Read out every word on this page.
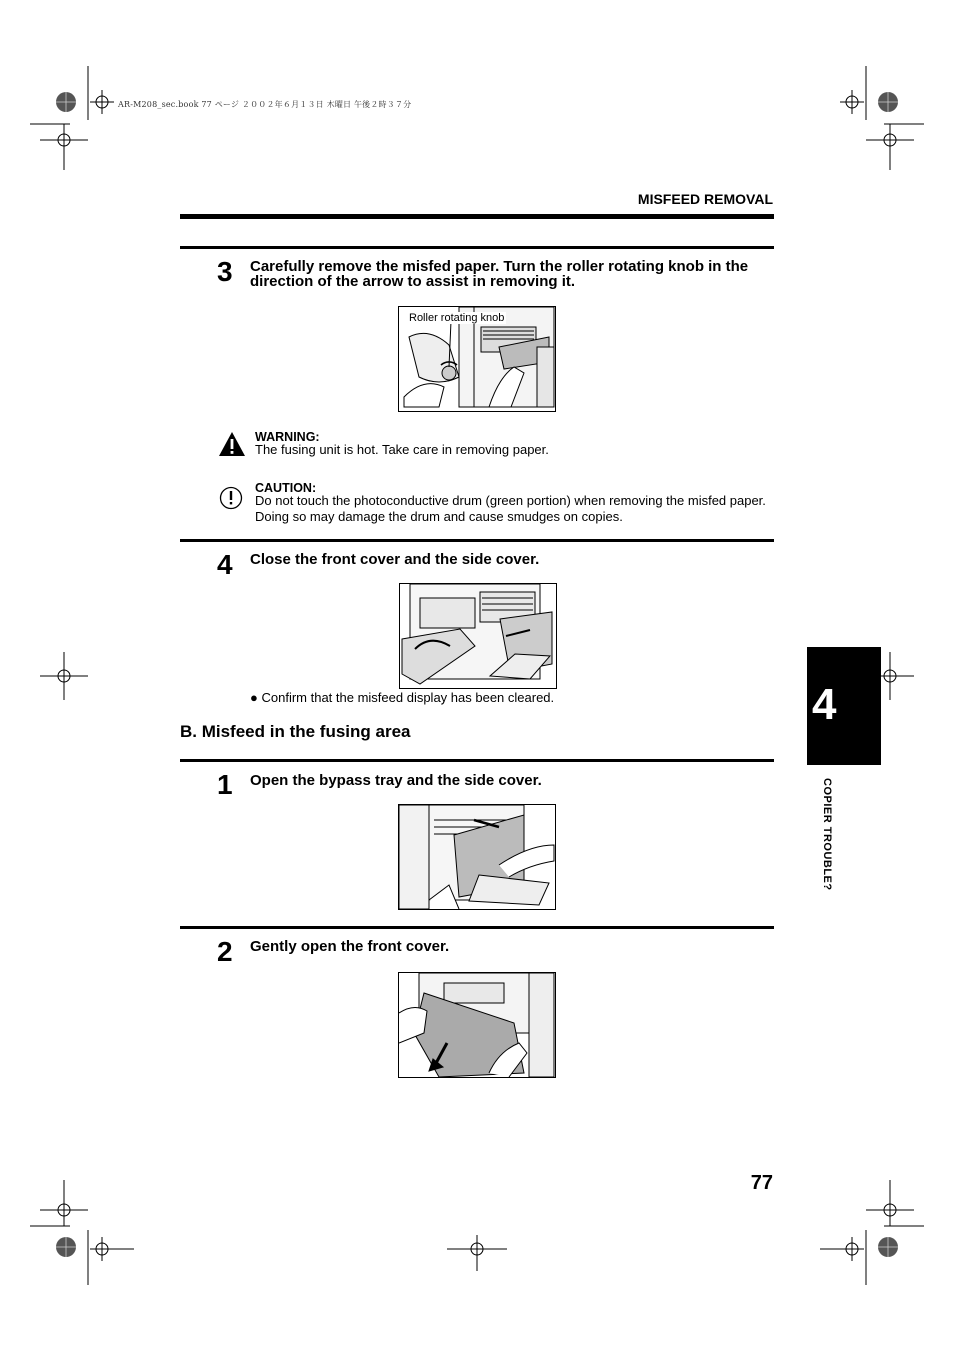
AR-M208_sec.book 77 ページ ２００２年６月１３日 木曜日 午後２時３７分
MISFEED REMOVAL
3 Carefully remove the misfed paper. Turn the roller rotating knob in the direction of the arrow to assist in removing it.
Roller rotating knob
WARNING:
The fusing unit is hot. Take care in removing paper.
CAUTION:
Do not touch the photoconductive drum (green portion) when removing the misfed paper. Doing so may damage the drum and cause smudges on copies.
4 Close the front cover and the side cover.
● Confirm that the misfeed display has been cleared.
B. Misfeed in the fusing area
1 Open the bypass tray and the side cover.
2 Gently open the front cover.
77
4
COPIER TROUBLE?
